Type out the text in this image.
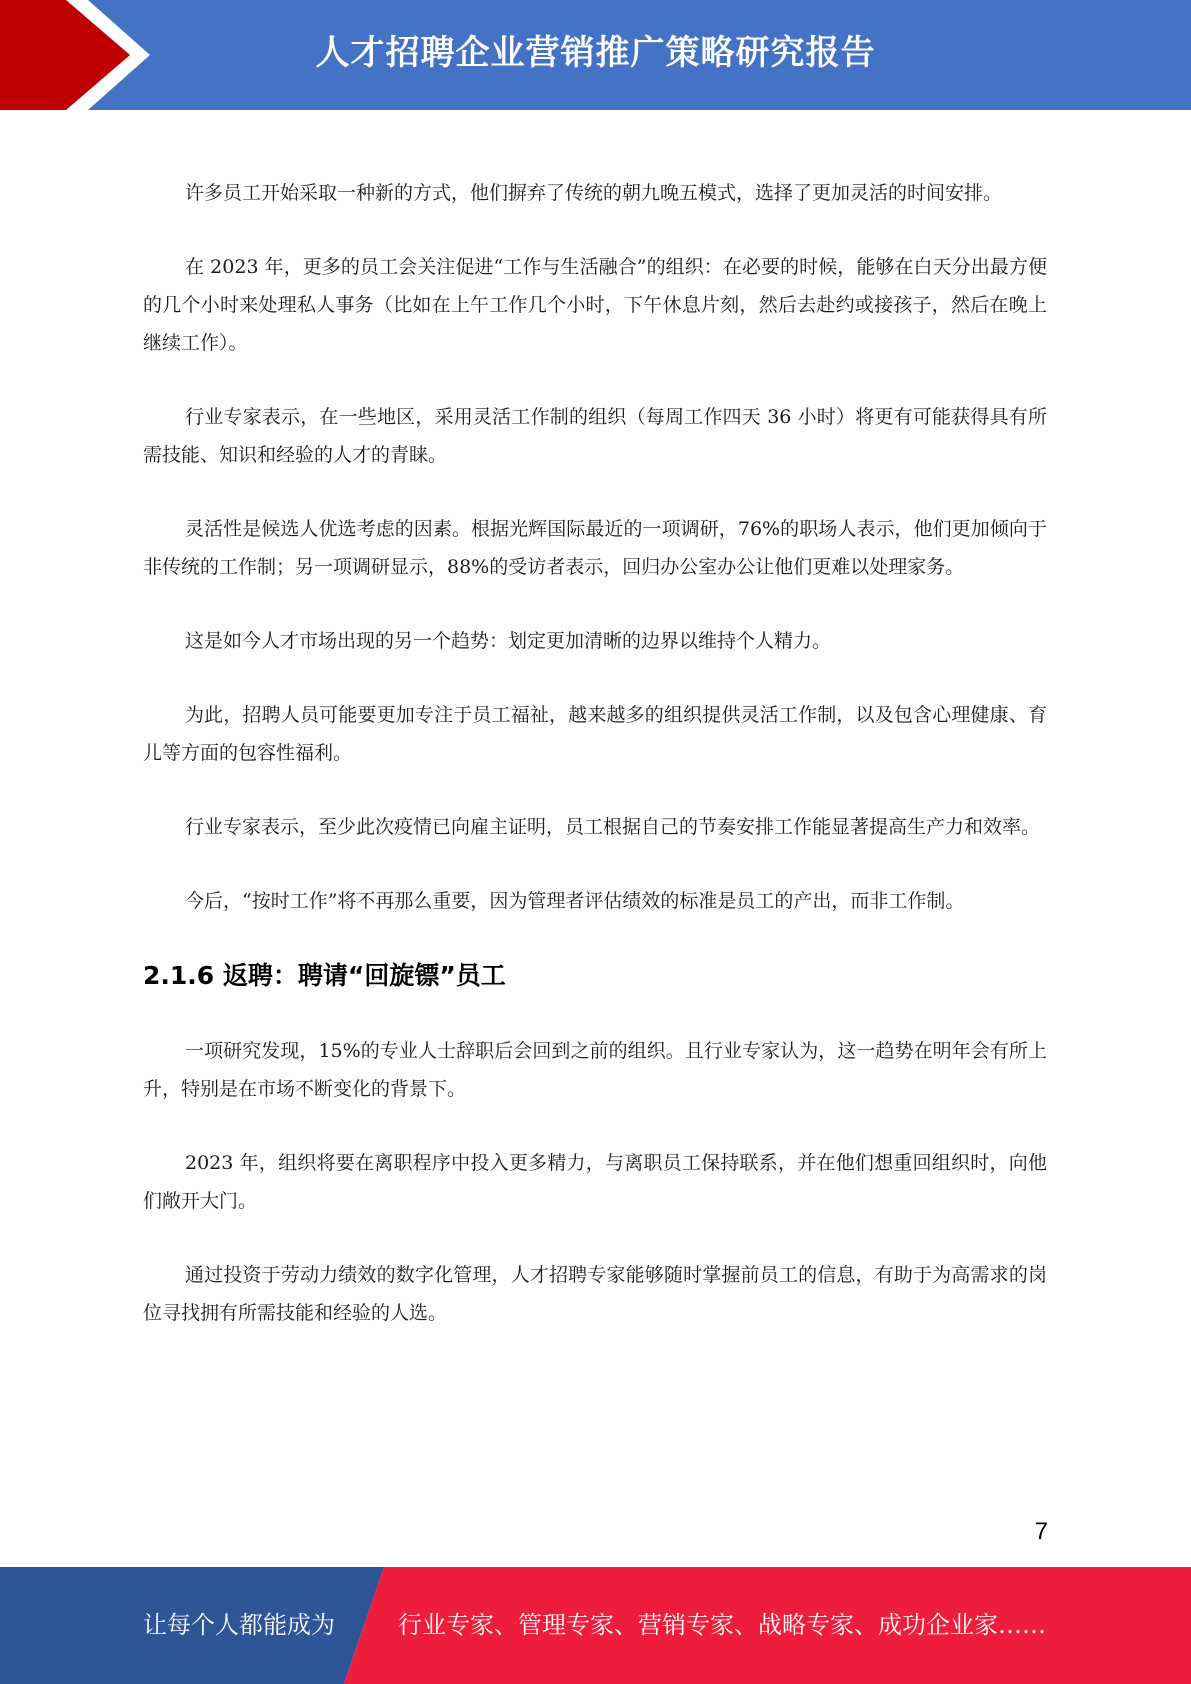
人才招聘企业营销推广策略研究报告

许多员工开始采取一种新的方式，他们摒弃了传统的朝九晚五模式，选择了更加灵活的时间安排。

在 2023 年，更多的员工会关注促进“工作与生活融合”的组织：在必要的时候，能够在白天分出最方便的几个小时来处理私人事务（比如在上午工作几个小时，下午休息片刻，然后去赴约或接孩子，然后在晚上继续工作）。

行业专家表示，在一些地区，采用灵活工作制的组织（每周工作四天 36 小时）将更有可能获得具有所需技能、知识和经验的人才的青睐。

灵活性是候选人优选考虑的因素。根据光辉国际最近的一项调研，76%的职场人表示，他们更加倾向于非传统的工作制；另一项调研显示，88%的受访者表示，回归办公室办公让他们更难以处理家务。

这是如今人才市场出现的另一个趋势：划定更加清晰的边界以维持个人精力。

为此，招聘人员可能要更加专注于员工福祉，越来越多的组织提供灵活工作制，以及包含心理健康、育儿等方面的包容性福利。

行业专家表示，至少此次疫情已向雇主证明，员工根据自己的节奏安排工作能显著提高生产力和效率。

今后，“按时工作”将不再那么重要，因为管理者评估绩效的标准是员工的产出，而非工作制。

2.1.6 返聘：聘请“回旋镖”员工

一项研究发现，15%的专业人士辞职后会回到之前的组织。且行业专家认为，这一趋势在明年会有所上升，特别是在市场不断变化的背景下。

2023 年，组织将要在离职程序中投入更多精力，与离职员工保持联系，并在他们想重回组织时，向他们敞开大门。

通过投资于劳动力绩效的数字化管理，人才招聘专家能够随时掌握前员工的信息，有助于为高需求的岗位寻找拥有所需技能和经验的人选。

7
让每个人都能成为	行业专家、管理专家、营销专家、战略专家、成功企业家……
